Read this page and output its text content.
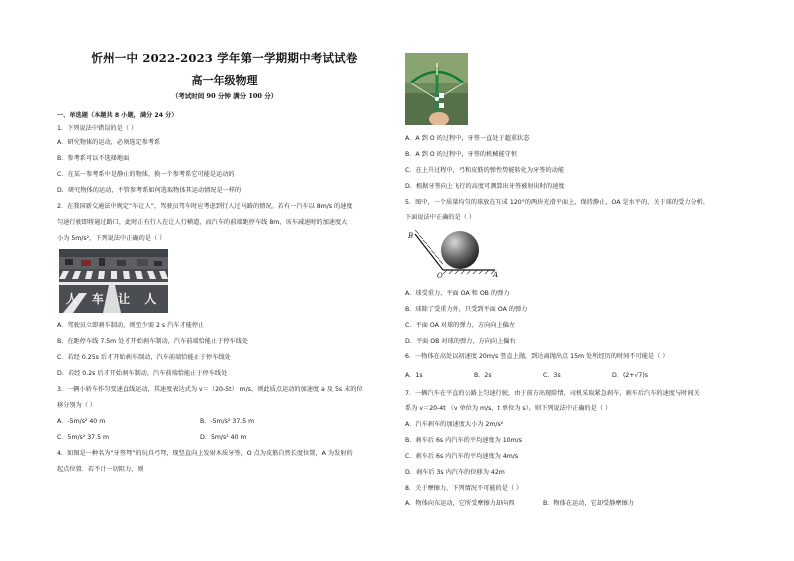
忻州一中 2022-2023 学年第一学期期中考试试卷
高一年级物理
（考试时间 90 分钟 满分 100 分）
一、单选题（本题共 8 小题，满分 24 分）
1．下列说法中错误的是（ ）
A．研究物体的运动，必须选定参考系
B．参考系可以不选择地面
C．在某一参考系中是静止的物体，换一个参考系它可能是运动的
D．研究物体的运动，不管参考系如何选取物体其运动情况是一样的
2．在我国新交通法中规定“车让人”，驾驶员驾车时应考虑到行人过马路的情况。若有一汽车以 8m/s 的速度
匀速行驶即将通过路口，此时正有行人在让人行横道，而汽车的前端距停车线 8m，该车减速时的加速度大
小为 5m/s²。下列说法中正确的是（ ）
人 车 让 人
A．驾驶员立即刹车制动，则至少需 2 s 汽车才能停止
B．在距停车线 7.5m 处才开始刹车制动，汽车前端恰能止于停车线处
C．若经 0.25s 后才开始刹车制动，汽车前端恰能止于停车线处
D．若经 0.2s 后才开始刹车制动，汽车前端恰能止于停车线处
3．一辆小轿车作匀变速直线运动，其速度表达式为 v＝（20-5t） m/s，则此质点运动的加速度 a 及 5s 末的位
移分别为（ ）
A．-5m/s² 40 m	B．-5m/s² 37.5 m
C．5m/s² 37.5 m	D．5m/s² 40 m
4．如图是一种名为“牙签弩”的玩具弓弩，现竖直向上发射木质牙签，O 点为皮筋自然长度位置，A 为发射的
起点位置．若不计一切阻力，则
A．A 到 O 的过程中，牙签一直处于超重状态
B．A 到 O 的过程中，牙签的机械能守恒
C．在上升过程中，弓和皮筋的弹性势能转化为牙签的动能
D．根据牙签向上飞行的高度可测算出牙签被射出时的速度
5．图中，一个质量均匀的球放在互成 120°的两块光滑平面上，保持静止，OA 是水平的，关于球的受力分析，
下面说法中正确的是（ ）
B
O	A
A．球受重力、平面 OA 和 OB 的弹力
B．球除了受重力外，只受到平面 OA 的弹力
C．平面 OA 对球的弹力，方向向上偏左
D．平面 OB 对球的弹力，方向向上偏右
6．一物体在高处以初速度 20m/s 竖直上抛，到达离抛出点 15m 处所经历的时间不可能是（ ）
A．1s	B．2s	C．3s	D．(2+√7)s
7．一辆汽车在平直的公路上匀速行驶，由于前方出现险情，司机采取紧急刹车，刹车后汽车的速度与时间关
系为 v＝20-4t （v 单位为 m/s，t 单位为 s）。则下列说法中正确的是（ ）
A．汽车刹车的加速度大小为 2m/s²
B．刹车后 6s 内汽车的平均速度为 10m/s
C．刹车后 6s 内汽车的平均速度为 4m/s
D．刹车后 3s 内汽车的位移为 42m
8．关于摩擦力，下列情况不可能的是（ ）
A．物体向东运动，它所受摩擦力却向西	B．物体在运动，它却受静摩擦力
